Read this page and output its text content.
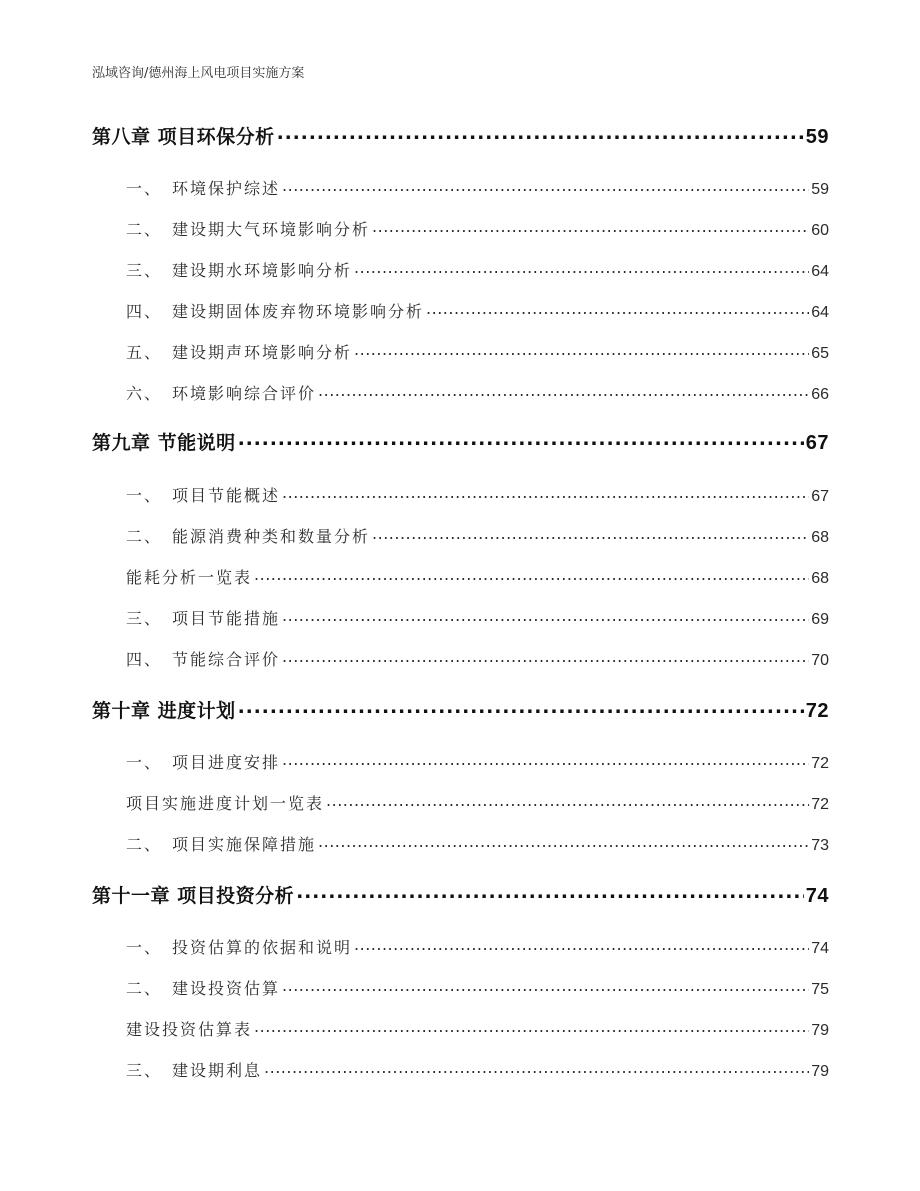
泓域咨询/德州海上风电项目实施方案
第八章 项目环保分析 .....	59
一、 环境保护综述 .....	59
二、 建设期大气环境影响分析 .....	60
三、 建设期水环境影响分析 .....	64
四、 建设期固体废弃物环境影响分析 .....	64
五、 建设期声环境影响分析 .....	65
六、 环境影响综合评价 .....	66
第九章 节能说明 .....	67
一、 项目节能概述 .....	67
二、 能源消费种类和数量分析 .....	68
能耗分析一览表 .....	68
三、 项目节能措施 .....	69
四、 节能综合评价 .....	70
第十章 进度计划 .....	72
一、 项目进度安排 .....	72
项目实施进度计划一览表 .....	72
二、 项目实施保障措施 .....	73
第十一章 项目投资分析 .....	74
一、 投资估算的依据和说明 .....	74
二、 建设投资估算 .....	75
建设投资估算表 .....	79
三、 建设期利息 .....	79
